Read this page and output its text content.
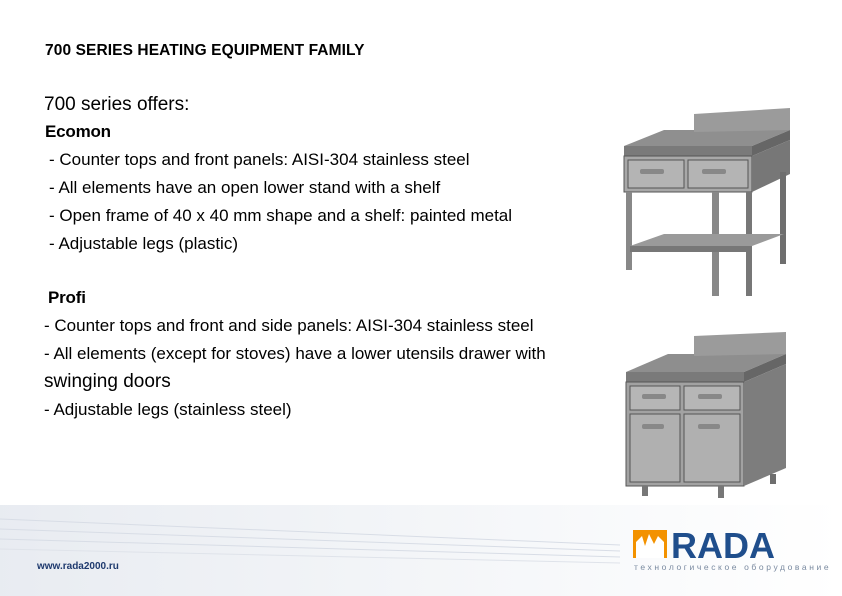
700 SERIES HEATING EQUIPMENT FAMILY
700 series offers:
Ecomon
- Counter tops and front panels: AISI-304 stainless steel
- All elements have an open lower stand with a shelf
- Open frame of 40 x 40 mm shape and a shelf: painted metal
- Adjustable legs (plastic)
Profi
- Counter tops and front and side panels: AISI-304 stainless steel
- All elements (except for stoves) have a lower utensils drawer with swinging doors
- Adjustable legs (stainless steel)
www.rada2000.ru
RADA
технологическое оборудование
